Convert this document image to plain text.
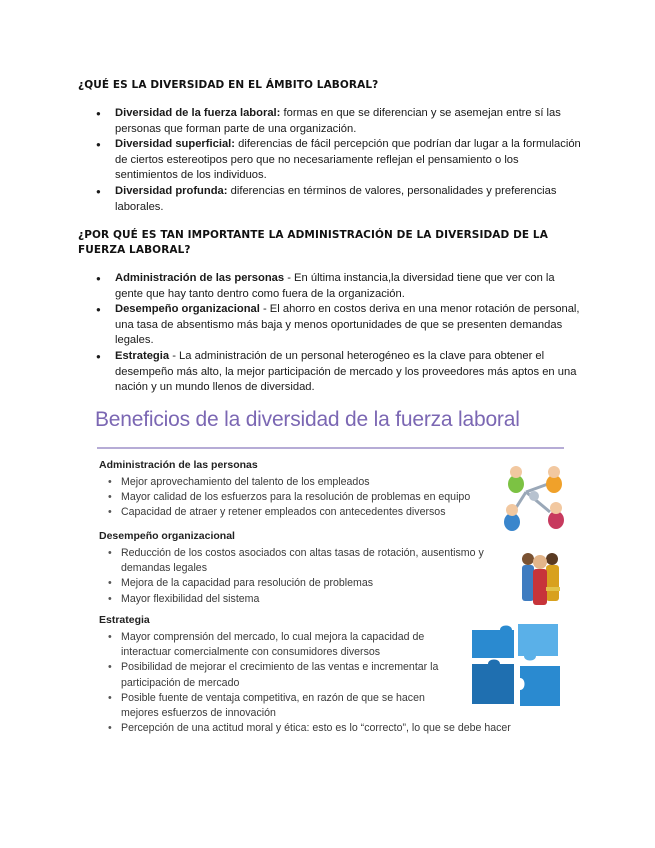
¿QUÉ ES LA DIVERSIDAD EN EL ÁMBITO LABORAL?

● Diversidad de la fuerza laboral: formas en que se diferencian y se asemejan entre sí las personas que forman parte de una organización.
● Diversidad superficial: diferencias de fácil percepción que podrían dar lugar a la formulación de ciertos estereotipos pero que no necesariamente reflejan el pensamiento o los sentimientos de los individuos.
● Diversidad profunda: diferencias en términos de valores, personalidades y preferencias laborales.

¿POR QUÉ ES TAN IMPORTANTE LA ADMINISTRACIÓN DE LA DIVERSIDAD DE LA FUERZA LABORAL?

● Administración de las personas - En última instancia,la diversidad tiene que ver con la gente que hay tanto dentro como fuera de la organización.
● Desempeño organizacional - El ahorro en costos deriva en una menor rotación de personal, una tasa de absentismo más baja y menos oportunidades de que se presenten demandas legales.
● Estrategia - La administración de un personal heterogéneo es la clave para obtener el desempeño más alto, la mejor participación de mercado y los proveedores más aptos en una nación y un mundo llenos de diversidad.
Beneficios de la diversidad de la fuerza laboral

Administración de las personas

• Mejor aprovechamiento del talento de los empleados
• Mayor calidad de los esfuerzos para la resolución de problemas en equipo
• Capacidad de atraer y retener empleados con antecedentes diversos

Desempeño organizacional

• Reducción de los costos asociados con altas tasas de rotación, ausentismo y demandas legales
• Mejora de la capacidad para resolución de problemas
• Mayor flexibilidad del sistema

Estrategia

• Mayor comprensión del mercado, lo cual mejora la capacidad de interactuar comercialmente con consumidores diversos
• Posibilidad de mejorar el crecimiento de las ventas e incrementar la participación de mercado
• Posible fuente de ventaja competitiva, en razón de que se hacen mejores esfuerzos de innovación
• Percepción de una actitud moral y ética: esto es lo “correcto”, lo que se debe hacer
